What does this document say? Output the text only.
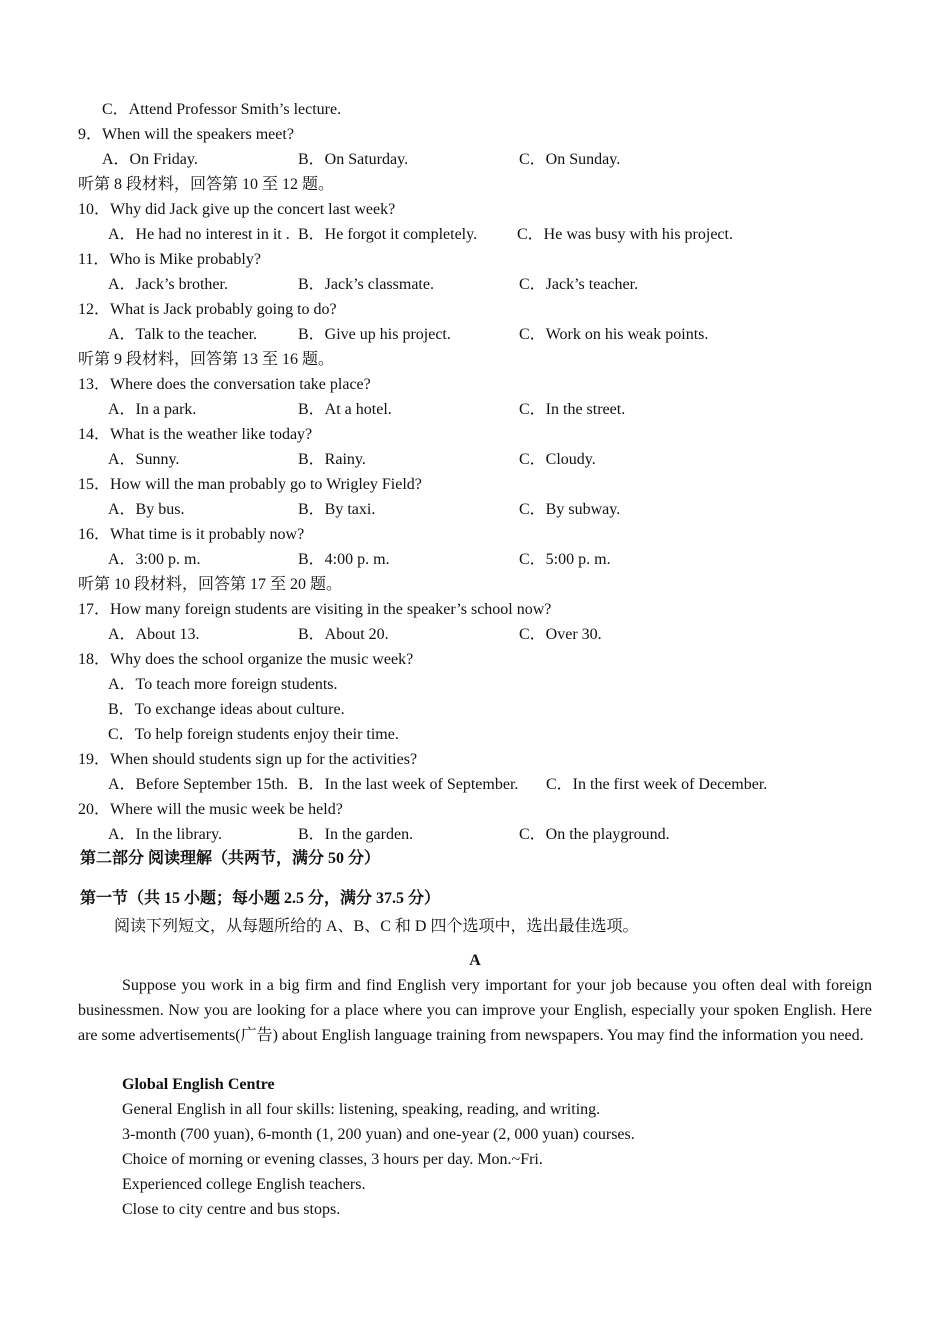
C．Attend Professor Smith’s lecture.
9．When will the speakers meet?
A．On Friday.	B．On Saturday.	C．On Sunday.
听第 8 段材料，回答第 10 至 12 题。
10．Why did Jack give up the concert last week?
A．He had no interest in it . B．He forgot it completely. C．He was busy with his project.
11．Who is Mike probably?
A．Jack’s brother.	B．Jack’s classmate.	C．Jack’s teacher.
12．What is Jack probably going to do?
A．Talk to the teacher.	B．Give up his project.	C．Work on his weak points.
听第 9 段材料，回答第 13 至 16 题。
13．Where does the conversation take place?
A．In a park.	B．At a hotel.	C．In the street.
14．What is the weather like today?
A．Sunny.	B．Rainy.	C．Cloudy.
15．How will the man probably go to Wrigley Field?
A．By bus.	B．By taxi.	C．By subway.
16．What time is it probably now?
A．3:00 p. m.	B．4:00 p. m.	C．5:00 p. m.
听第 10 段材料，回答第 17 至 20 题。
17．How many foreign students are visiting in the speaker’s school now?
A．About 13.	B．About 20.	C．Over 30.
18．Why does the school organize the music week?
A．To teach more foreign students.
B．To exchange ideas about culture.
C．To help foreign students enjoy their time.
19．When should students sign up for the activities?
A．Before September 15th. B．In the last week of September. C．In the first week of December.
20．Where will the music week be held?
A．In the library.	B．In the garden.	C．On the playground.
第二部分 阅读理解（共两节，满分 50 分）
第一节（共 15 小题；每小题 2.5 分，满分 37.5 分）
阅读下列短文，从每题所给的 A、B、C 和 D 四个选项中，选出最佳选项。
A
Suppose you work in a big firm and find English very important for your job because you often deal with foreign businessmen. Now you are looking for a place where you can improve your English, especially your spoken English. Here are some advertisements(广告) about English language training from newspapers. You may find the information you need.
Global English Centre
General English in all four skills: listening, speaking, reading, and writing.
3-month (700 yuan), 6-month (1, 200 yuan) and one-year (2, 000 yuan) courses.
Choice of morning or evening classes, 3 hours per day. Mon.~Fri.
Experienced college English teachers.
Close to city centre and bus stops.
